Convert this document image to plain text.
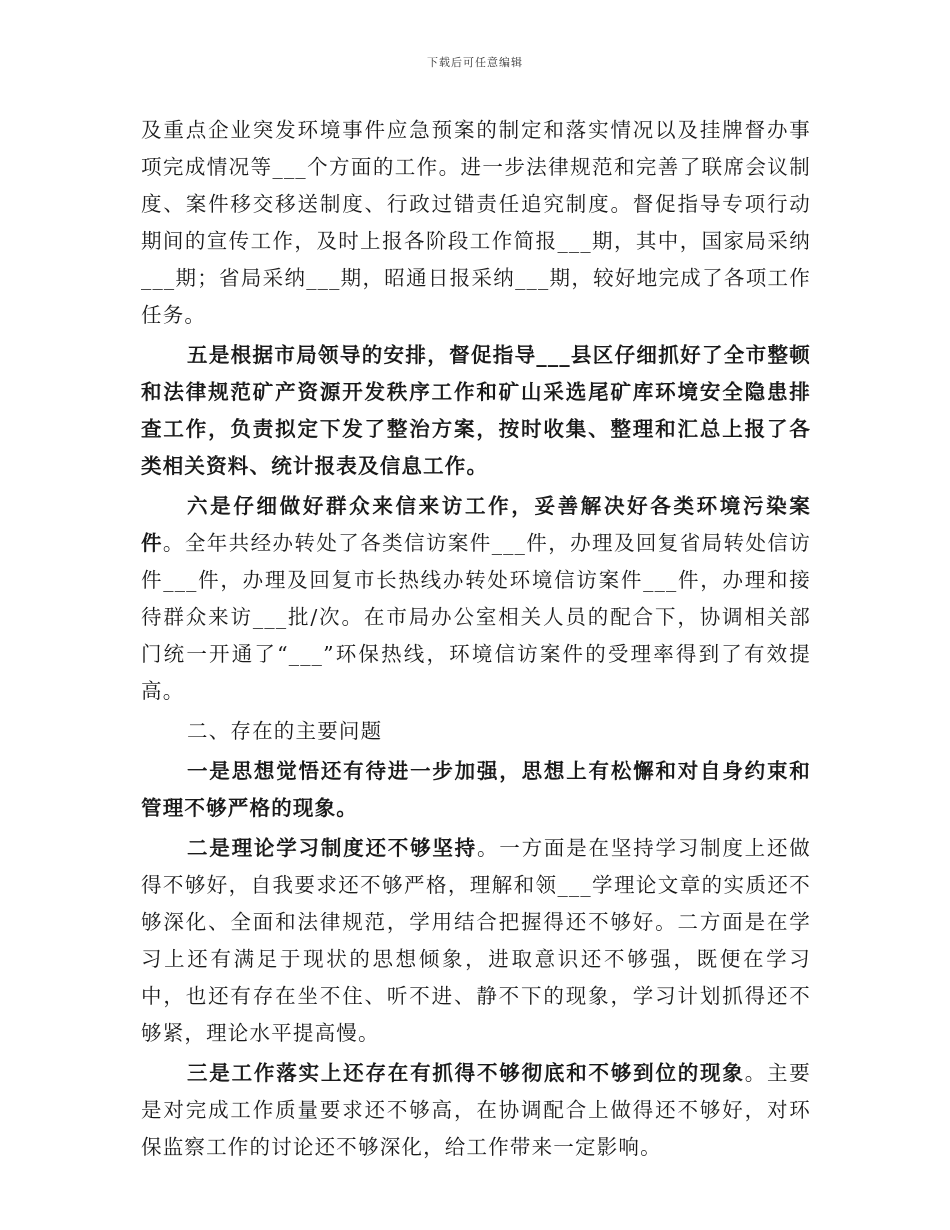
下载后可任意编辑

及重点企业突发环境事件应急预案的制定和落实情况以及挂牌督办事项完成情况等___个方面的工作。进一步法律规范和完善了联席会议制度、案件移交移送制度、行政过错责任追究制度。督促指导专项行动期间的宣传工作，及时上报各阶段工作简报___期，其中，国家局采纳___期；省局采纳___期，昭通日报采纳___期，较好地完成了各项工作任务。

五是根据市局领导的安排，督促指导___县区仔细抓好了全市整顿和法律规范矿产资源开发秩序工作和矿山采选尾矿库环境安全隐患排查工作，负责拟定下发了整治方案，按时收集、整理和汇总上报了各类相关资料、统计报表及信息工作。

六是仔细做好群众来信来访工作，妥善解决好各类环境污染案件。全年共经办转处了各类信访案件___件，办理及回复省局转处信访件___件，办理及回复市长热线办转处环境信访案件___件，办理和接待群众来访___批/次。在市局办公室相关人员的配合下，协调相关部门统一开通了“___”环保热线，环境信访案件的受理率得到了有效提高。

二、存在的主要问题

一是思想觉悟还有待进一步加强，思想上有松懈和对自身约束和管理不够严格的现象。

二是理论学习制度还不够坚持。一方面是在坚持学习制度上还做得不够好，自我要求还不够严格，理解和领___学理论文章的实质还不够深化、全面和法律规范，学用结合把握得还不够好。二方面是在学习上还有满足于现状的思想倾象，进取意识还不够强，既便在学习中，也还有存在坐不住、听不进、静不下的现象，学习计划抓得还不够紧，理论水平提高慢。

三是工作落实上还存在有抓得不够彻底和不够到位的现象。主要是对完成工作质量要求还不够高，在协调配合上做得还不够好，对环保监察工作的讨论还不够深化，给工作带来一定影响。
